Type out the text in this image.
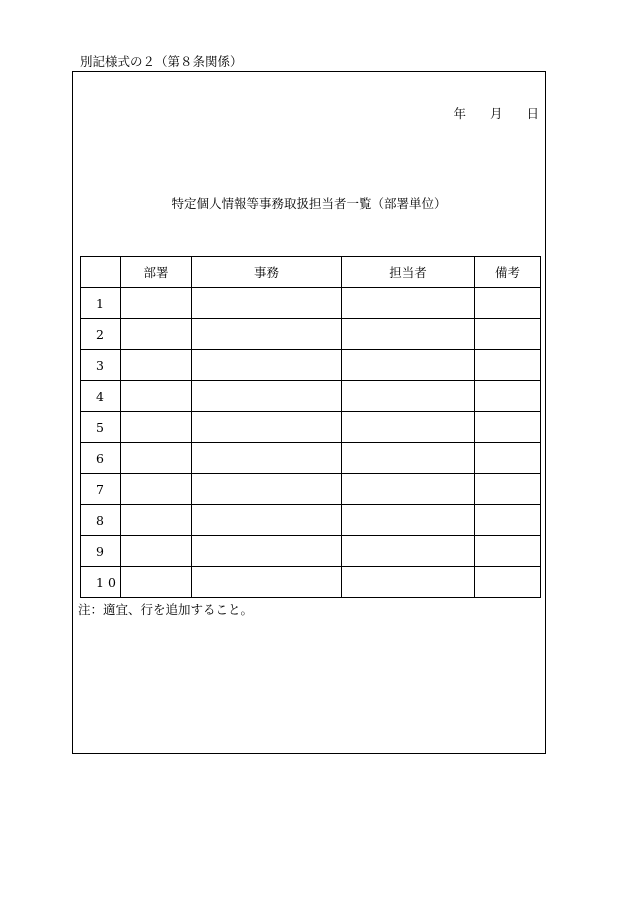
別記様式の２（第８条関係）
年 月 日
特定個人情報等事務取扱担当者一覧（部署単位）
	部署	事務	担当者	備考
1				
2				
3				
4				
5				
6				
7				
8				
9				
10				
注：適宜、行を追加すること。
